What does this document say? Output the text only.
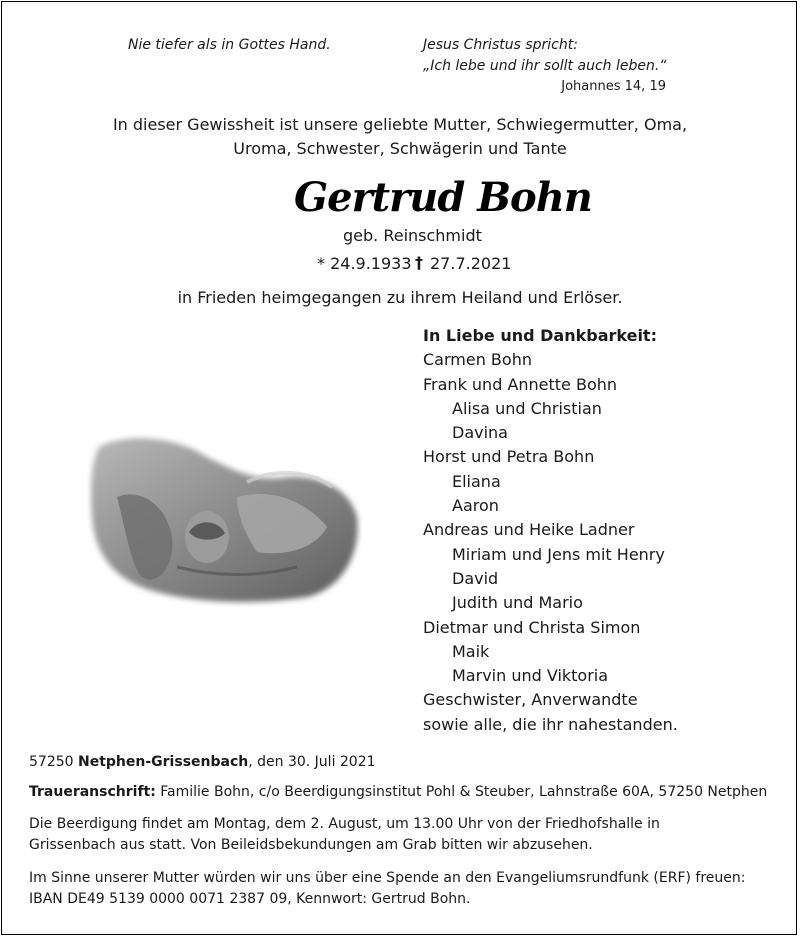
Nie tiefer als in Gottes Hand.	Jesus Christus spricht:
„Ich lebe und ihr sollt auch leben.“
Johannes 14, 19
In dieser Gewissheit ist unsere geliebte Mutter, Schwiegermutter, Oma,
Uroma, Schwester, Schwägerin und Tante
Gertrud Bohn
geb. Reinschmidt
* 24.9.1933 † 27.7.2021
in Frieden heimgegangen zu ihrem Heiland und Erlöser.
In Liebe und Dankbarkeit:
Carmen Bohn
Frank und Annette Bohn
Alisa und Christian
Davina
Horst und Petra Bohn
Eliana
Aaron
Andreas und Heike Ladner
Miriam und Jens mit Henry
David
Judith und Mario
Dietmar und Christa Simon
Maik
Marvin und Viktoria
Geschwister, Anverwandte
sowie alle, die ihr nahestanden.
57250 Netphen-Grissenbach, den 30. Juli 2021
Traueranschrift: Familie Bohn, c/o Beerdigungsinstitut Pohl & Steuber, Lahnstraße 60A, 57250 Netphen
Die Beerdigung findet am Montag, dem 2. August, um 13.00 Uhr von der Friedhofshalle in
Grissenbach aus statt. Von Beileidsbekundungen am Grab bitten wir abzusehen.
Im Sinne unserer Mutter würden wir uns über eine Spende an den Evangeliumsrundfunk (ERF) freuen:
IBAN DE49 5139 0000 0071 2387 09, Kennwort: Gertrud Bohn.
